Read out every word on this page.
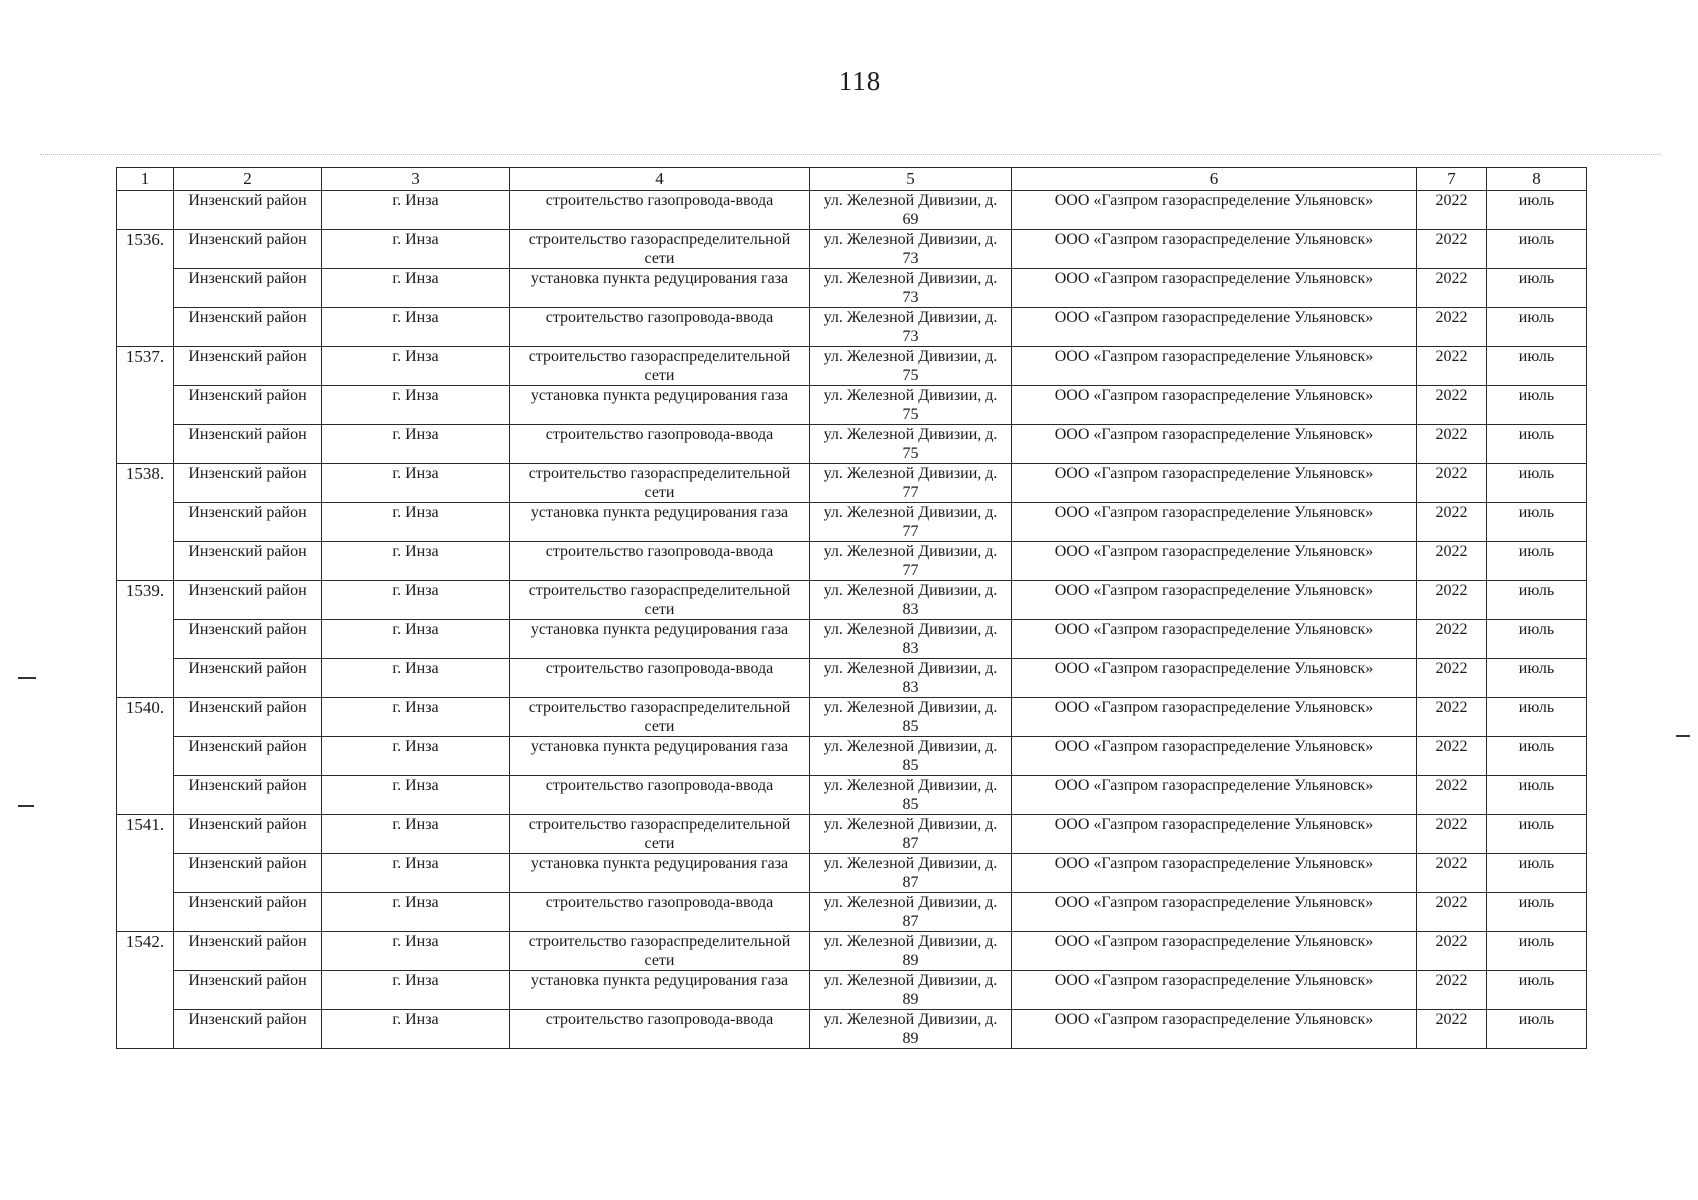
118
1	2	3	4	5	6	7	8
	Инзенский район	г. Инза	строительство газопровода-ввода	ул. Железной Дивизии, д. 69	ООО «Газпром газораспределение Ульяновск»	2022	июль
1536.	Инзенский район	г. Инза	строительство газораспределительной сети	ул. Железной Дивизии, д. 73	ООО «Газпром газораспределение Ульяновск»	2022	июль
	Инзенский район	г. Инза	установка пункта редуцирования газа	ул. Железной Дивизии, д. 73	ООО «Газпром газораспределение Ульяновск»	2022	июль
	Инзенский район	г. Инза	строительство газопровода-ввода	ул. Железной Дивизии, д. 73	ООО «Газпром газораспределение Ульяновск»	2022	июль
1537.	Инзенский район	г. Инза	строительство газораспределительной сети	ул. Железной Дивизии, д. 75	ООО «Газпром газораспределение Ульяновск»	2022	июль
	Инзенский район	г. Инза	установка пункта редуцирования газа	ул. Железной Дивизии, д. 75	ООО «Газпром газораспределение Ульяновск»	2022	июль
	Инзенский район	г. Инза	строительство газопровода-ввода	ул. Железной Дивизии, д. 75	ООО «Газпром газораспределение Ульяновск»	2022	июль
1538.	Инзенский район	г. Инза	строительство газораспределительной сети	ул. Железной Дивизии, д. 77	ООО «Газпром газораспределение Ульяновск»	2022	июль
	Инзенский район	г. Инза	установка пункта редуцирования газа	ул. Железной Дивизии, д. 77	ООО «Газпром газораспределение Ульяновск»	2022	июль
	Инзенский район	г. Инза	строительство газопровода-ввода	ул. Железной Дивизии, д. 77	ООО «Газпром газораспределение Ульяновск»	2022	июль
1539.	Инзенский район	г. Инза	строительство газораспределительной сети	ул. Железной Дивизии, д. 83	ООО «Газпром газораспределение Ульяновск»	2022	июль
	Инзенский район	г. Инза	установка пункта редуцирования газа	ул. Железной Дивизии, д. 83	ООО «Газпром газораспределение Ульяновск»	2022	июль
	Инзенский район	г. Инза	строительство газопровода-ввода	ул. Железной Дивизии, д. 83	ООО «Газпром газораспределение Ульяновск»	2022	июль
1540.	Инзенский район	г. Инза	строительство газораспределительной сети	ул. Железной Дивизии, д. 85	ООО «Газпром газораспределение Ульяновск»	2022	июль
	Инзенский район	г. Инза	установка пункта редуцирования газа	ул. Железной Дивизии, д. 85	ООО «Газпром газораспределение Ульяновск»	2022	июль
	Инзенский район	г. Инза	строительство газопровода-ввода	ул. Железной Дивизии, д. 85	ООО «Газпром газораспределение Ульяновск»	2022	июль
1541.	Инзенский район	г. Инза	строительство газораспределительной сети	ул. Железной Дивизии, д. 87	ООО «Газпром газораспределение Ульяновск»	2022	июль
	Инзенский район	г. Инза	установка пункта редуцирования газа	ул. Железной Дивизии, д. 87	ООО «Газпром газораспределение Ульяновск»	2022	июль
	Инзенский район	г. Инза	строительство газопровода-ввода	ул. Железной Дивизии, д. 87	ООО «Газпром газораспределение Ульяновск»	2022	июль
1542.	Инзенский район	г. Инза	строительство газораспределительной сети	ул. Железной Дивизии, д. 89	ООО «Газпром газораспределение Ульяновск»	2022	июль
	Инзенский район	г. Инза	установка пункта редуцирования газа	ул. Железной Дивизии, д. 89	ООО «Газпром газораспределение Ульяновск»	2022	июль
	Инзенский район	г. Инза	строительство газопровода-ввода	ул. Железной Дивизии, д. 89	ООО «Газпром газораспределение Ульяновск»	2022	июль
